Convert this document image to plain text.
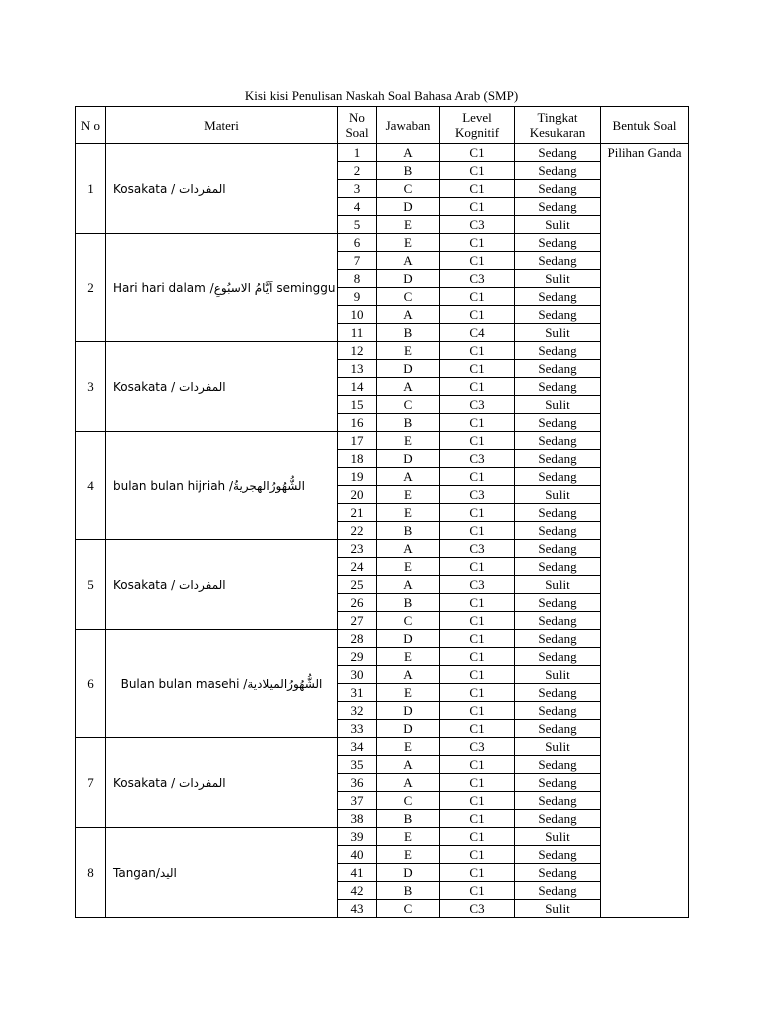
Kisi kisi Penulisan Naskah Soal Bahasa Arab (SMP)
N o	Materi	No Soal	Jawaban	Level Kognitif	Tingkat Kesukaran	Bentuk Soal
1	Kosakata / المفردات	1	A	C1	Sedang	Pilihan Ganda
		2	B	C1	Sedang	
		3	C	C1	Sedang	
		4	D	C1	Sedang	
		5	E	C3	Sulit	
2	Hari hari dalam /اَيَّامُ الاسبُوعِ seminggu	6	E	C1	Sedang	
		7	A	C1	Sedang	
		8	D	C3	Sulit	
		9	C	C1	Sedang	
		10	A	C1	Sedang	
		11	B	C4	Sulit	
3	Kosakata / المفردات	12	E	C1	Sedang	
		13	D	C1	Sedang	
		14	A	C1	Sedang	
		15	C	C3	Sulit	
		16	B	C1	Sedang	
4	bulan bulan hijriah /الشُّهُورُالهجريةُ	17	E	C1	Sedang	
		18	D	C3	Sedang	
		19	A	C1	Sedang	
		20	E	C3	Sulit	
		21	E	C1	Sedang	
		22	B	C1	Sedang	
5	Kosakata / المفردات	23	A	C3	Sedang	
		24	E	C1	Sedang	
		25	A	C3	Sulit	
		26	B	C1	Sedang	
		27	C	C1	Sedang	
6	Bulan bulan masehi /الشُّهُورُالميلادية	28	D	C1	Sedang	
		29	E	C1	Sedang	
		30	A	C1	Sulit	
		31	E	C1	Sedang	
		32	D	C1	Sedang	
		33	D	C1	Sedang	
7	Kosakata / المفردات	34	E	C3	Sulit	
		35	A	C1	Sedang	
		36	A	C1	Sedang	
		37	C	C1	Sedang	
		38	B	C1	Sedang	
8	Tangan/اليد	39	E	C1	Sulit	
		40	E	C1	Sedang	
		41	D	C1	Sedang	
		42	B	C1	Sedang	
		43	C	C3	Sulit	
